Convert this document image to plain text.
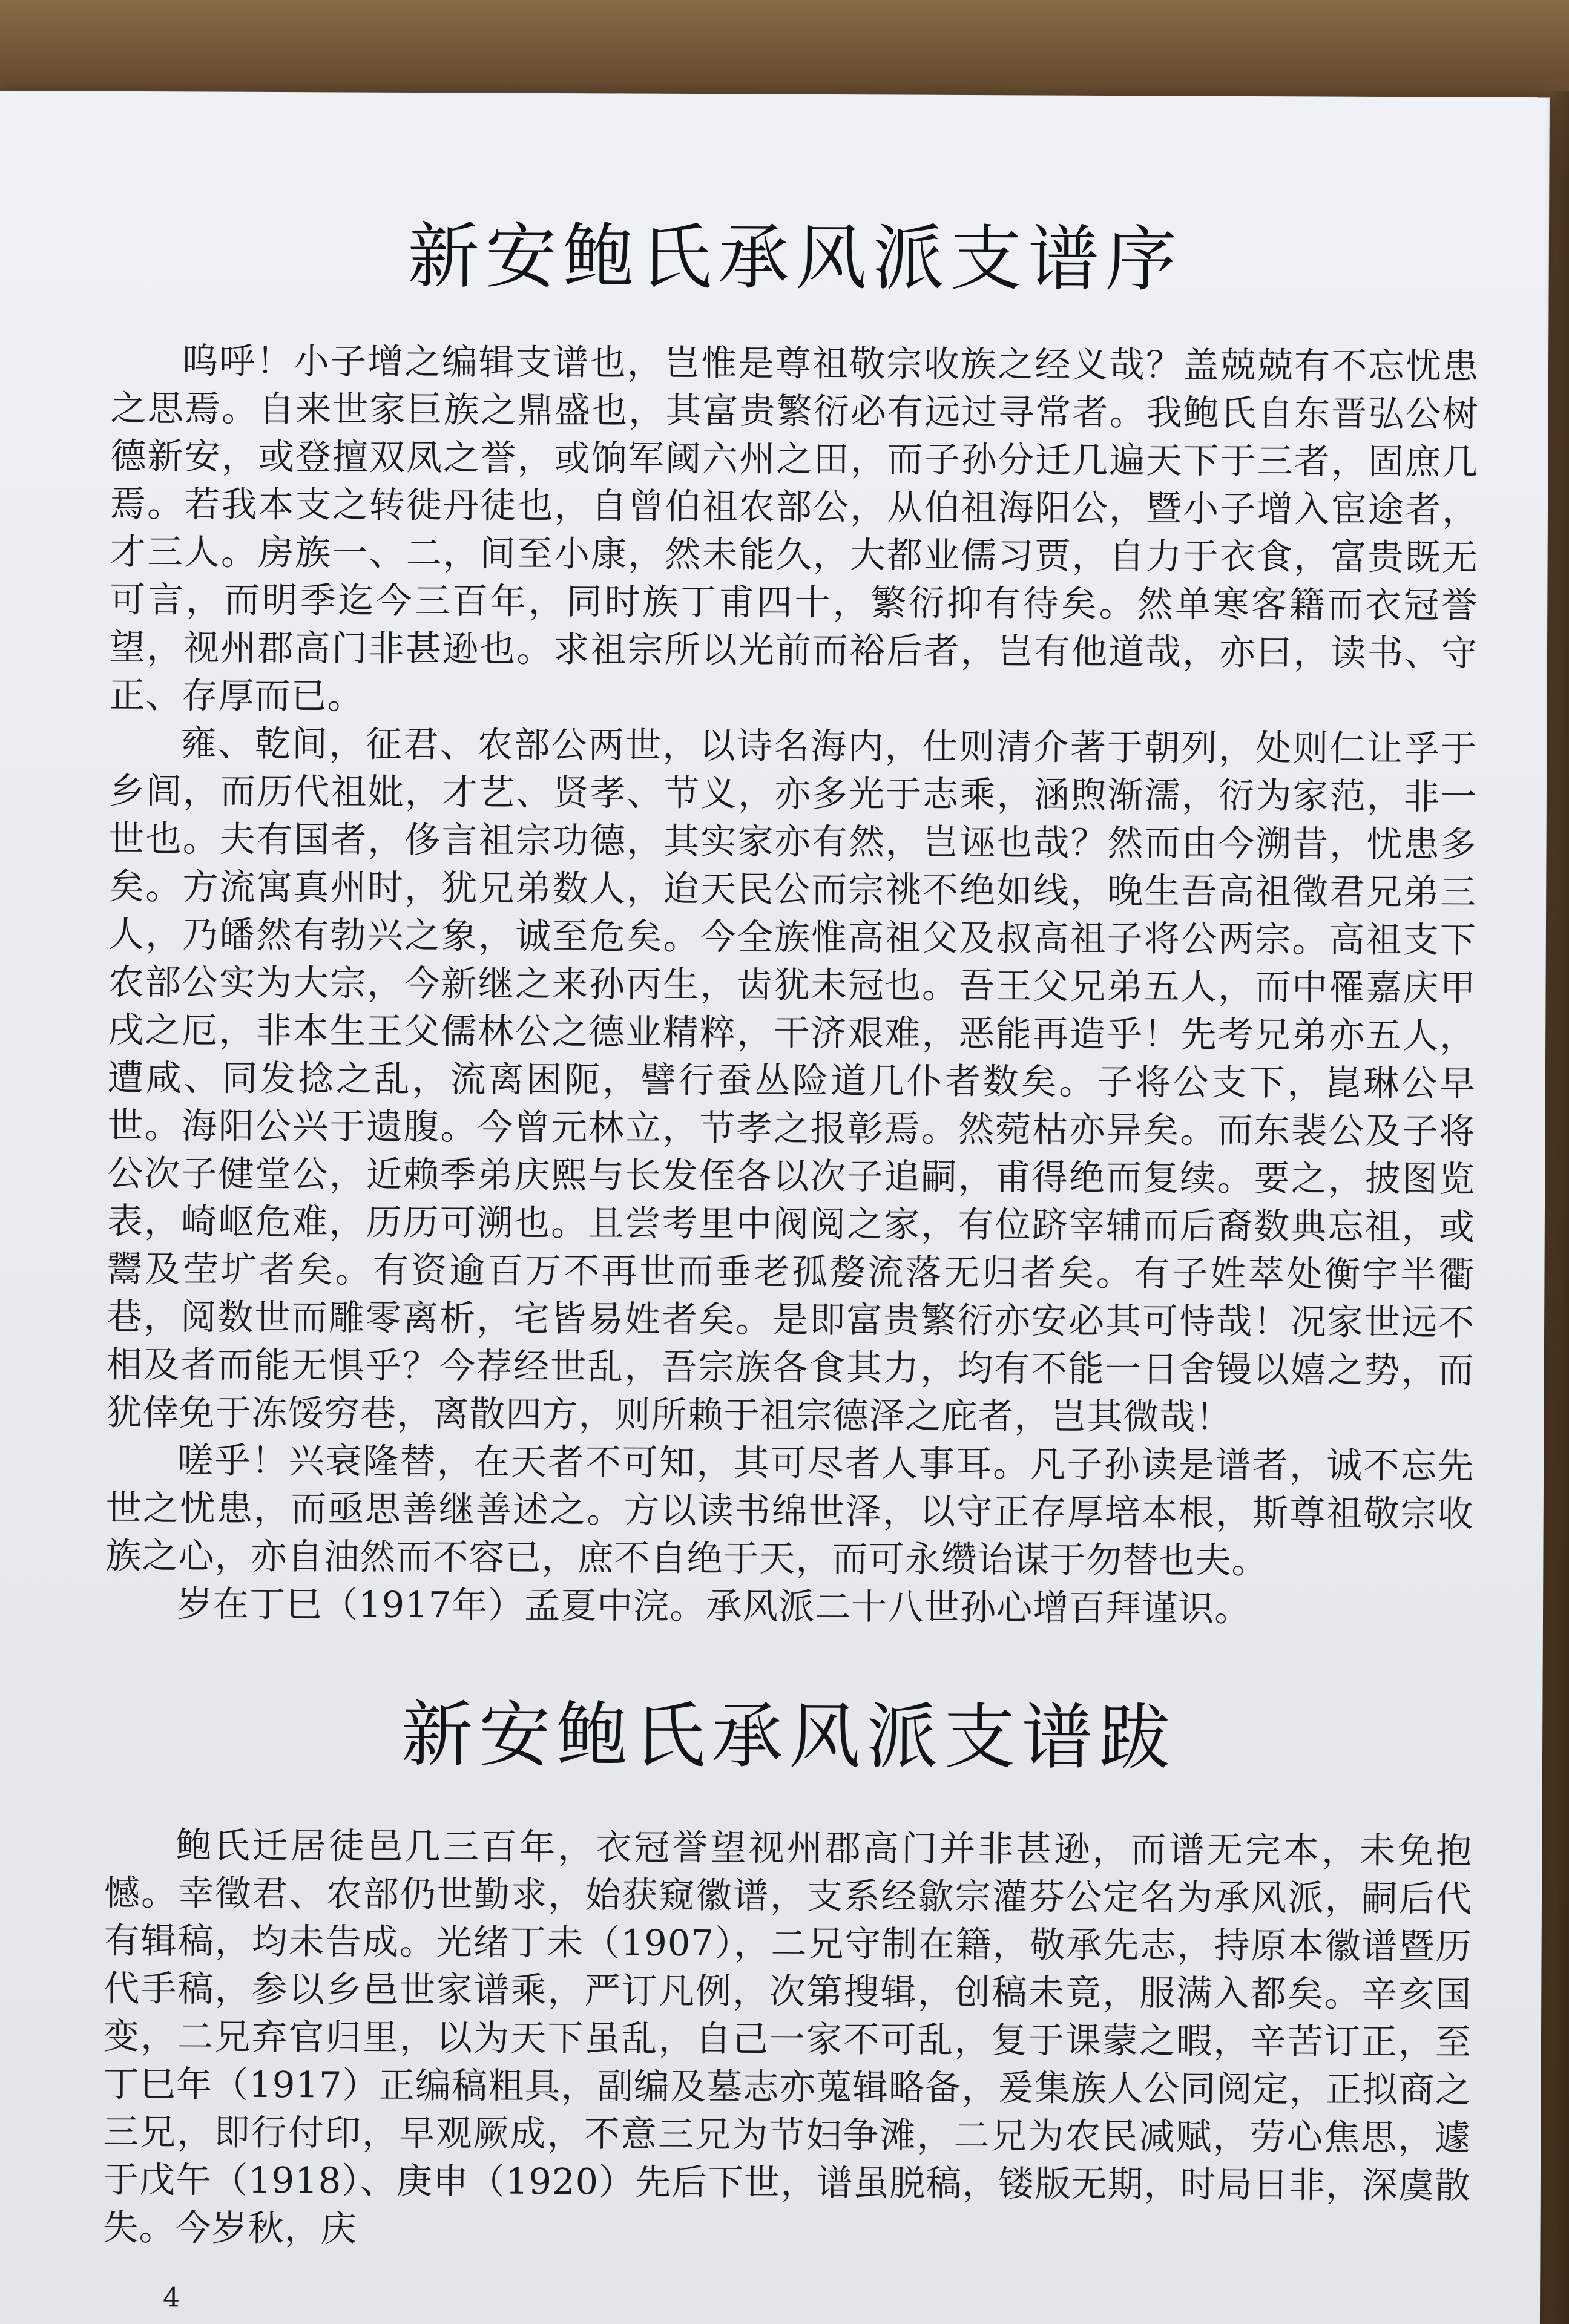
新安鲍氏承风派支谱序

呜呼！小子增之编辑支谱也，岂惟是尊祖敬宗收族之经义哉？盖兢兢有不忘忧患之思焉。自来世家巨族之鼎盛也，其富贵繁衍必有远过寻常者。我鲍氏自东晋弘公树德新安，或登擅双凤之誉，或饷军阈六州之田，而子孙分迁几遍天下于三者，固庶几焉。若我本支之转徙丹徒也，自曾伯祖农部公，从伯祖海阳公，暨小子增入宦途者，才三人。房族一、二，间至小康，然未能久，大都业儒习贾，自力于衣食，富贵既无可言，而明季迄今三百年，同时族丁甫四十，繁衍抑有待矣。然单寒客籍而衣冠誉望，视州郡高门非甚逊也。求祖宗所以光前而裕后者，岂有他道哉，亦曰，读书、守正、存厚而已。

雍、乾间，征君、农部公两世，以诗名海内，仕则清介著于朝列，处则仁让孚于乡闾，而历代祖妣，才艺、贤孝、节义，亦多光于志乘，涵煦渐濡，衍为家范，非一世也。夫有国者，侈言祖宗功德，其实家亦有然，岂诬也哉？然而由今溯昔，忧患多矣。方流寓真州时，犹兄弟数人，迨天民公而宗祧不绝如线，晚生吾高祖徵君兄弟三人，乃皤然有勃兴之象，诚至危矣。今全族惟高祖父及叔高祖子将公两宗。高祖支下农部公实为大宗，今新继之来孙丙生，齿犹未冠也。吾王父兄弟五人，而中罹嘉庆甲戌之厄，非本生王父儒林公之德业精粹，干济艰难，恶能再造乎！先考兄弟亦五人，遭咸、同发捻之乱，流离困阨，譬行蚕丛险道几仆者数矣。子将公支下，崑琳公早世。海阳公兴于遗腹。今曾元林立，节孝之报彰焉。然菀枯亦异矣。而东裴公及子将公次子健堂公，近赖季弟庆熙与长发侄各以次子追嗣，甫得绝而复续。要之，披图览表，崎岖危难，历历可溯也。且尝考里中阀阅之家，有位跻宰辅而后裔数典忘祖，或鬻及茔圹者矣。有资逾百万不再世而垂老孤嫠流落无归者矣。有子姓萃处衡宇半衢巷，阅数世而雕零离析，宅皆易姓者矣。是即富贵繁衍亦安必其可恃哉！况家世远不相及者而能无惧乎？今荐经世乱，吾宗族各食其力，均有不能一日舍镘以嬉之势，而犹倖免于冻馁穷巷，离散四方，则所赖于祖宗德泽之庇者，岂其微哉！

嗟乎！兴衰隆替，在天者不可知，其可尽者人事耳。凡子孙读是谱者，诚不忘先世之忧患，而亟思善继善述之。方以读书绵世泽，以守正存厚培本根，斯尊祖敬宗收族之心，亦自油然而不容已，庶不自绝于天，而可永缵诒谋于勿替也夫。

岁在丁巳（1917年）孟夏中浣。承风派二十八世孙心增百拜谨识。

新安鲍氏承风派支谱跋

鲍氏迁居徒邑几三百年，衣冠誉望视州郡高门并非甚逊，而谱无完本，未免抱憾。幸徵君、农部仍世勤求，始获窥徽谱，支系经歙宗灌芬公定名为承风派，嗣后代有辑稿，均未告成。光绪丁未（1907），二兄守制在籍，敬承先志，持原本徽谱暨历代手稿，参以乡邑世家谱乘，严订凡例，次第搜辑，创稿未竟，服满入都矣。辛亥国变，二兄弃官归里，以为天下虽乱，自己一家不可乱，复于课蒙之暇，辛苦订正，至丁巳年（1917）正编稿粗具，副编及墓志亦蒐辑略备，爰集族人公同阅定，正拟商之三兄，即行付印，早观厥成，不意三兄为节妇争滩，二兄为农民减赋，劳心焦思，遽于戊午（1918）、庚申（1920）先后下世，谱虽脱稿，镂版无期，时局日非，深虞散失。今岁秋，庆

4
